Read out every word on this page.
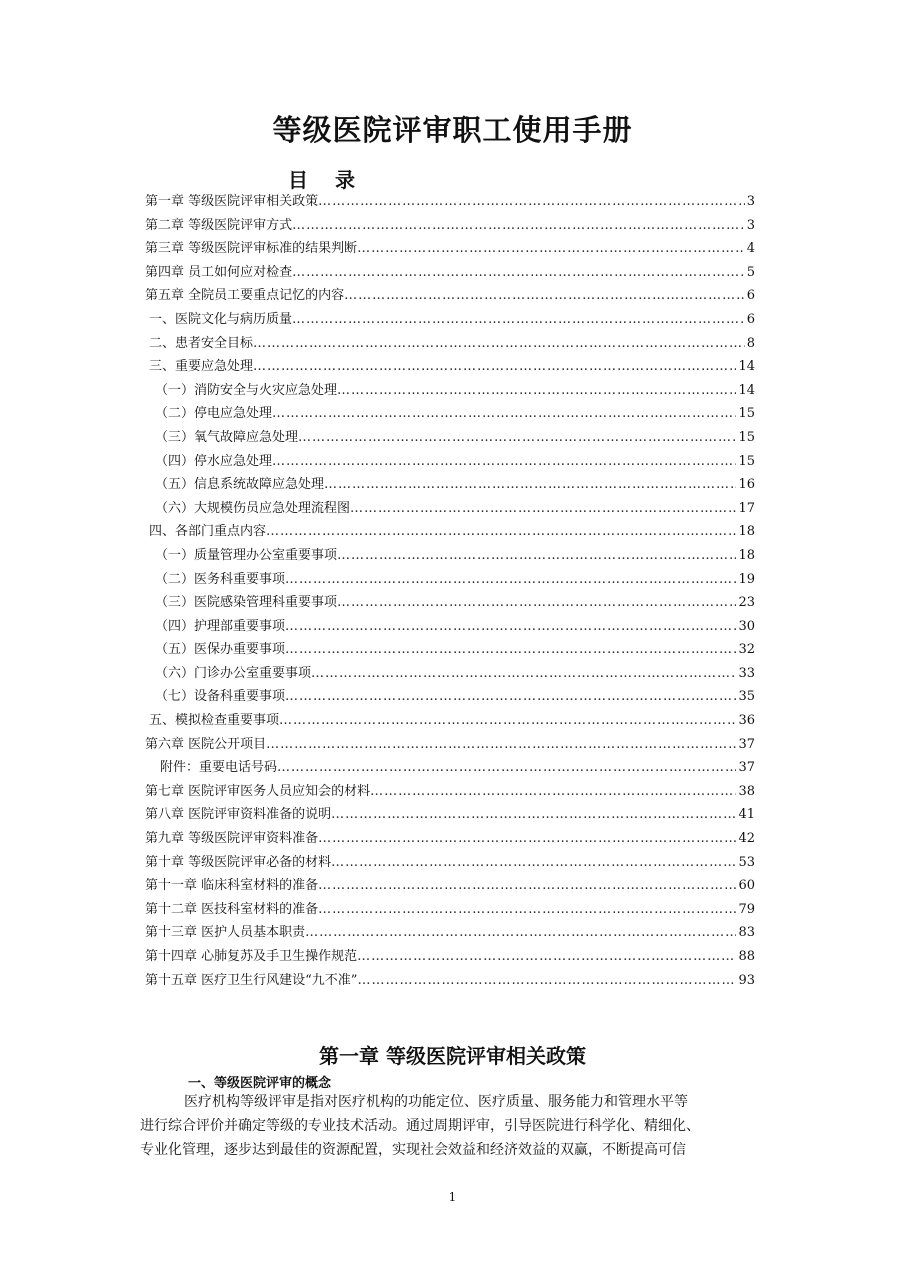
等级医院评审职工使用手册
目 录
第一章 等级医院评审相关政策 …………………………………………………………………………………………………………………………………………………………	3
第二章 等级医院评审方式 …………………………………………………………………………………………………………………………………………………………	3
第三章 等级医院评审标准的结果判断 …………………………………………………………………………………………………………………………………………………………	4
第四章 员工如何应对检查 …………………………………………………………………………………………………………………………………………………………	5
第五章 全院员工要重点记忆的内容 …………………………………………………………………………………………………………………………………………………………	6
一、医院文化与病历质量 …………………………………………………………………………………………………………………………………………………………	6
二、患者安全目标 …………………………………………………………………………………………………………………………………………………………	8
三、重要应急处理 …………………………………………………………………………………………………………………………………………………………	14
（一）消防安全与火灾应急处理 …………………………………………………………………………………………………………………………………………………………	14
（二）停电应急处理 …………………………………………………………………………………………………………………………………………………………	15
（三）氧气故障应急处理 …………………………………………………………………………………………………………………………………………………………	15
（四）停水应急处理 …………………………………………………………………………………………………………………………………………………………	15
（五）信息系统故障应急处理 …………………………………………………………………………………………………………………………………………………………	16
（六）大规模伤员应急处理流程图 …………………………………………………………………………………………………………………………………………………………	17
四、各部门重点内容 …………………………………………………………………………………………………………………………………………………………	18
（一）质量管理办公室重要事项 …………………………………………………………………………………………………………………………………………………………	18
（二）医务科重要事项 …………………………………………………………………………………………………………………………………………………………	19
（三）医院感染管理科重要事项 …………………………………………………………………………………………………………………………………………………………	23
（四）护理部重要事项 …………………………………………………………………………………………………………………………………………………………	30
（五）医保办重要事项 …………………………………………………………………………………………………………………………………………………………	32
（六）门诊办公室重要事项 …………………………………………………………………………………………………………………………………………………………	33
（七）设备科重要事项 …………………………………………………………………………………………………………………………………………………………	35
五、模拟检查重要事项 …………………………………………………………………………………………………………………………………………………………	36
第六章 医院公开项目 …………………………………………………………………………………………………………………………………………………………	37
附件：重要电话号码 …………………………………………………………………………………………………………………………………………………………	37
第七章 医院评审医务人员应知会的材料 …………………………………………………………………………………………………………………………………………………………	38
第八章 医院评审资料准备的说明 …………………………………………………………………………………………………………………………………………………………	41
第九章 等级医院评审资料准备 …………………………………………………………………………………………………………………………………………………………	42
第十章 等级医院评审必备的材料 …………………………………………………………………………………………………………………………………………………………	53
第十一章 临床科室材料的准备 …………………………………………………………………………………………………………………………………………………………	60
第十二章 医技科室材料的准备 …………………………………………………………………………………………………………………………………………………………	79
第十三章 医护人员基本职责 …………………………………………………………………………………………………………………………………………………………	83
第十四章 心肺复苏及手卫生操作规范 …………………………………………………………………………………………………………………………………………………………	88
第十五章 医疗卫生行风建设“九不准” …………………………………………………………………………………………………………………………………………………………	93
第一章 等级医院评审相关政策
一、等级医院评审的概念
医疗机构等级评审是指对医疗机构的功能定位、医疗质量、服务能力和管理水平等
进行综合评价并确定等级的专业技术活动。通过周期评审，引导医院进行科学化、精细化、
专业化管理，逐步达到最佳的资源配置，实现社会效益和经济效益的双赢，不断提高可信
1
